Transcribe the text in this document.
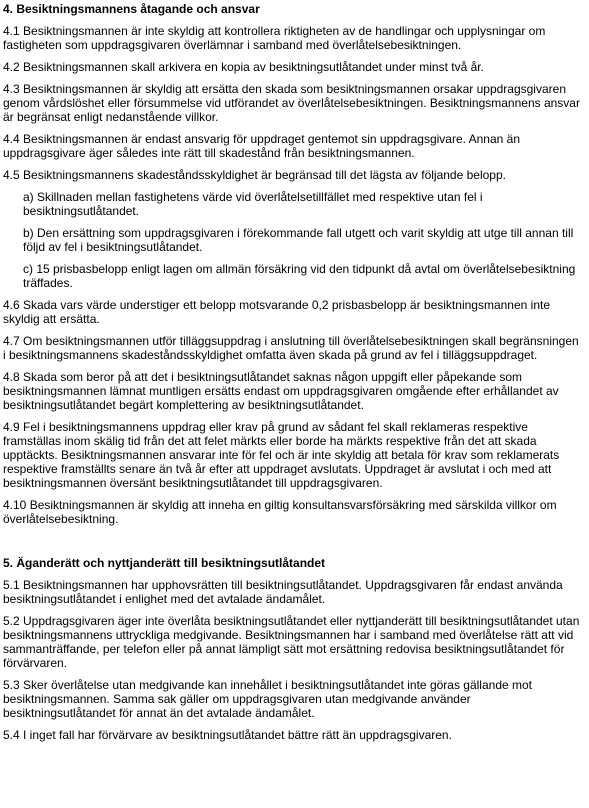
4. Besiktningsmannens åtagande och ansvar
4.1 Besiktningsmannen är inte skyldig att kontrollera riktigheten av de handlingar och upplysningar om fastigheten som uppdragsgivaren överlämnar i samband med överlåtelsebesiktningen.
4.2 Besiktningsmannen skall arkivera en kopia av besiktningsutlåtandet under minst två år.
4.3 Besiktningsmannen är skyldig att ersätta den skada som besiktningsmannen orsakar uppdragsgivaren genom vårdslöshet eller försummelse vid utförandet av överlåtelsebesiktningen. Besiktningsmannens ansvar är begränsat enligt nedanstående villkor.
4.4 Besiktningsmannen är endast ansvarig för uppdraget gentemot sin uppdragsgivare. Annan än uppdragsgivare äger således inte rätt till skadestånd från besiktningsmannen.
4.5 Besiktningsmannens skadeståndsskyldighet är begränsad till det lägsta av följande belopp.
a) Skillnaden mellan fastighetens värde vid överlåtelsetillfället med respektive utan fel i besiktningsutlåtandet.
b) Den ersättning som uppdragsgivaren i förekommande fall utgett och varit skyldig att utge till annan till följd av fel i besiktningsutlåtandet.
c) 15 prisbasbelopp enligt lagen om allmän försäkring vid den tidpunkt då avtal om överlåtelsebesiktning träffades.
4.6 Skada vars värde understiger ett belopp motsvarande 0,2 prisbasbelopp är besiktningsmannen inte skyldig att ersätta.
4.7 Om besiktningsmannen utför tilläggsuppdrag i anslutning till överlåtelsebesiktningen skall begränsningen i besiktningsmannens skadeståndsskyldighet omfatta även skada på grund av fel i tilläggsuppdraget.
4.8 Skada som beror på att det i besiktningsutlåtandet saknas någon uppgift eller påpekande som besiktningsmannen lämnat muntligen ersätts endast om uppdragsgivaren omgående efter erhållandet av besiktningsutlåtandet begärt komplettering av besiktningsutlåtandet.
4.9 Fel i besiktningsmannens uppdrag eller krav på grund av sådant fel skall reklameras respektive framställas inom skälig tid från det att felet märkts eller borde ha märkts respektive från det att skada upptäckts. Besiktningsmannen ansvarar inte för fel och är inte skyldig att betala för krav som reklamerats respektive framställts senare än två år efter att uppdraget avslutats. Uppdraget är avslutat i och med att besiktningsmannen översänt besiktningsutlåtandet till uppdragsgivaren.
4.10 Besiktningsmannen är skyldig att inneha en giltig konsultansvarsförsäkring med särskilda villkor om överlåtelsebesiktning.
5. Äganderätt och nyttjanderätt till besiktningsutlåtandet
5.1 Besiktningsmannen har upphovsrätten till besiktningsutlåtandet. Uppdragsgivaren får endast använda besiktningsutlåtandet i enlighet med det avtalade ändamålet.
5.2 Uppdragsgivaren äger inte överlåta besiktningsutlåtandet eller nyttjanderätt till besiktningsutlåtandet utan besiktningsmannens uttryckliga medgivande. Besiktningsmannen har i samband med överlåtelse rätt att vid sammanträffande, per telefon eller på annat lämpligt sätt mot ersättning redovisa besiktningsutlåtandet för förvärvaren.
5.3 Sker överlåtelse utan medgivande kan innehållet i besiktningsutlåtandet inte göras gällande mot besiktningsmannen. Samma sak gäller om uppdragsgivaren utan medgivande använder besiktningsutlåtandet för annat än det avtalade ändamålet.
5.4 I inget fall har förvärvare av besiktningsutlåtandet bättre rätt än uppdragsgivaren.
